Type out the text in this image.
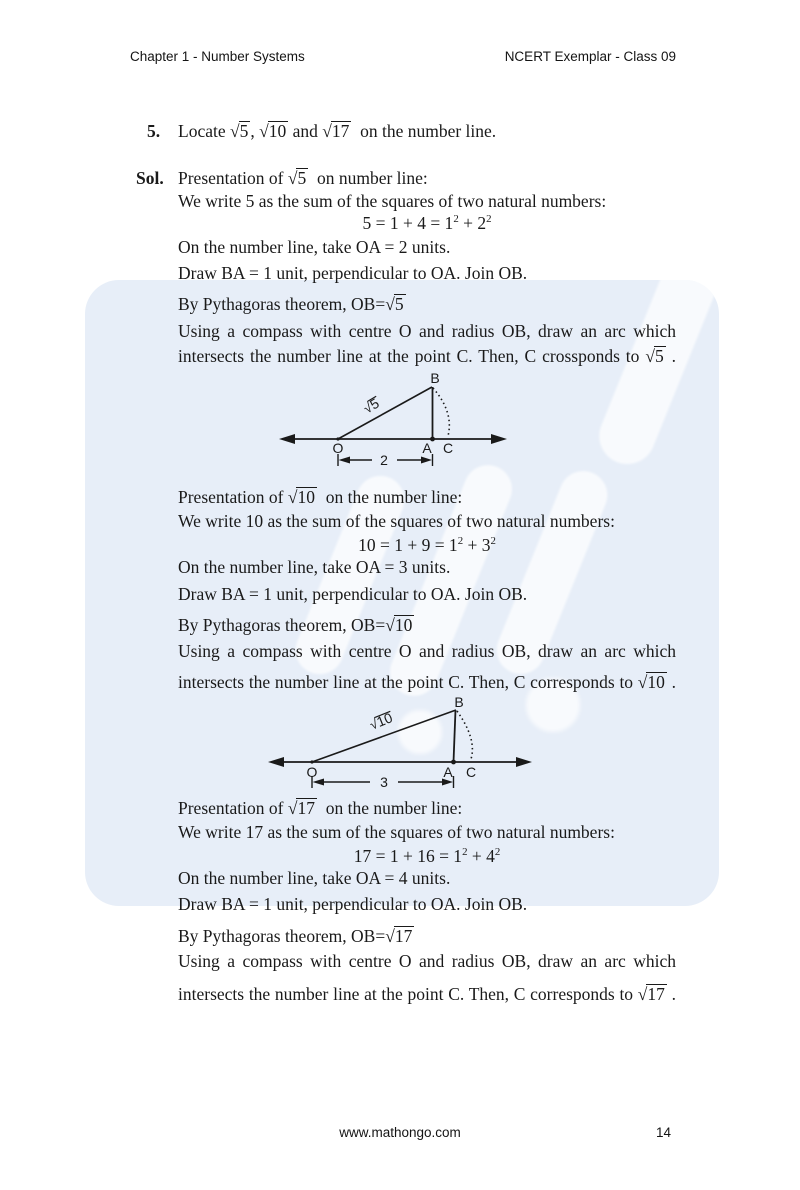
Chapter 1 - Number Systems	NCERT Exemplar - Class 09
5. Locate √5 , √10 and √17 on the number line.
Sol. Presentation of √5 on number line:
We write 5 as the sum of the squares of two natural numbers:
$5 = 1 + 4 = 1^2 + 2^2$
On the number line, take OA = 2 units.
Draw BA = 1 unit, perpendicular to OA. Join OB.
By Pythagoras theorem, OB=√5
Using a compass with centre O and radius OB, draw an arc which
intersects the number line at the point C. Then, C crossponds to √5 .
B
O	A C
√5
2
Presentation of √10 on the number line:
We write 10 as the sum of the squares of two natural numbers:
$10 = 1 + 9 = 1^2 + 3^2$
On the number line, take OA = 3 units.
Draw BA = 1 unit, perpendicular to OA. Join OB.
By Pythagoras theorem, OB=√10
Using a compass with centre O and radius OB, draw an arc which
intersects the number line at the point C. Then, C corresponds to √10 .
B
O	A C
√10
3
Presentation of √17 on the number line:
We write 17 as the sum of the squares of two natural numbers:
$17 = 1 + 16 = 1^2 + 4^2$
On the number line, take OA = 4 units.
Draw BA = 1 unit, perpendicular to OA. Join OB.
By Pythagoras theorem, OB=√17
Using a compass with centre O and radius OB, draw an arc which
intersects the number line at the point C. Then, C corresponds to √17 .
www.mathongo.com	14
